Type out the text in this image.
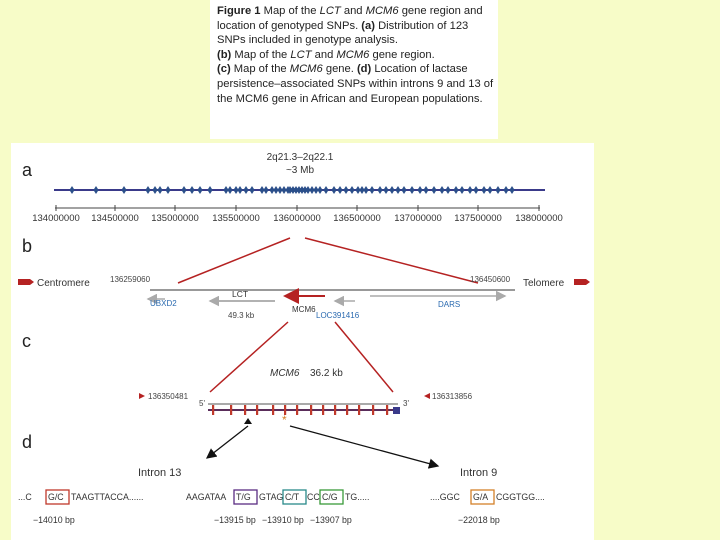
Figure 1 Map of the LCT and MCM6 gene region and location of genotyped SNPs. (a) Distribution of 123 SNPs included in genotype analysis.
(b) Map of the LCT and MCM6 gene region.
(c) Map of the MCM6 gene. (d) Location of lactase persistence–associated SNPs within introns 9 and 13 of the MCM6 gene in African and European populations.

a
2q21.3–2q22.1
~3 Mb
134000000 134500000 135000000 135500000 136000000 136500000 137000000 137500000 138000000
b
Centromere	136259060	136450600 Telomere
UBXD2
LCT
49.3 kb
MCM6
DARS
LOC391416
c
MCM6 36.2 kb
136350481	136313856
5'	3'
*
d
Intron 13	Intron 9
...C G/C TAAGTTACCA......	AAGATAA T/G GTAG C/T CC C/G TG.....	....GGC G/A CGGTGG....
−14010 bp	−13915 bp −13910 bp −13907 bp	−22018 bp
